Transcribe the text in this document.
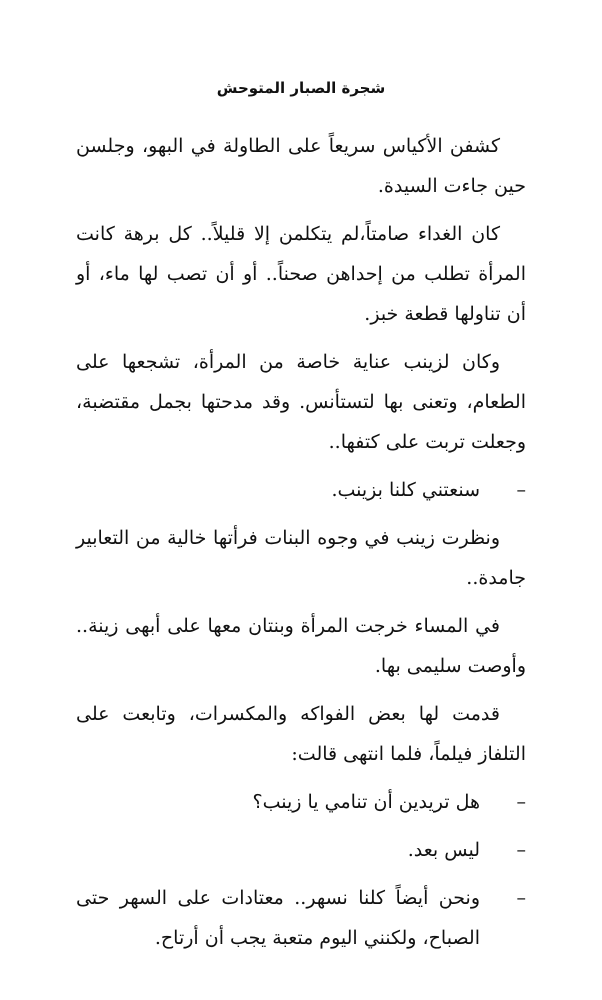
شجرة الصبار المتوحش

كشفن الأكياس سريعاً على الطاولة في البهو، وجلسن حين جاءت السيدة.

كان الغداء صامتاً،لم يتكلمن إلا قليلاً.. كل برهة كانت المرأة تطلب من إحداهن صحناً.. أو أن تصب لها ماء، أو أن تناولها قطعة خبز.

وكان لزينب عناية خاصة من المرأة، تشجعها على الطعام، وتعنى بها لتستأنس. وقد مدحتها بجمل مقتضبة، وجعلت تربت على كتفها..

–
سنعتني كلنا بزينب.

ونظرت زينب في وجوه البنات فرأتها خالية من التعابير جامدة..

في المساء خرجت المرأة وبنتان معها على أبهى زينة.. وأوصت سليمى بها.

قدمت لها بعض الفواكه والمكسرات، وتابعت على التلفاز فيلماً، فلما انتهى قالت:

–
هل تريدين أن تنامي يا زينب؟
–
ليس بعد.
–
ونحن أيضاً كلنا نسهر.. معتادات على السهر حتى الصباح، ولكنني اليوم متعبة يجب أن أرتاح.
